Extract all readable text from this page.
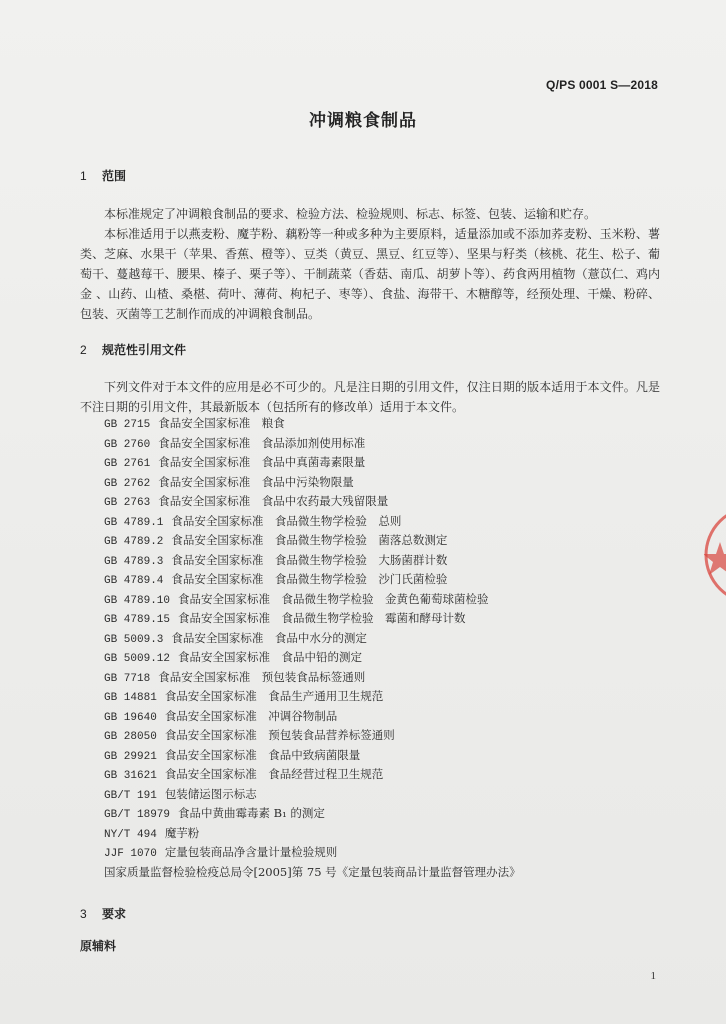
Q/PS 0001 S—2018
冲调粮食制品
1 范围
本标准规定了冲调粮食制品的要求、检验方法、检验规则、标志、标签、包装、运输和贮存。
本标准适用于以燕麦粉、魔芋粉、藕粉等一种或多种为主要原料，适量添加或不添加荞麦粉、玉米粉、薯类、芝麻、水果干（苹果、香蕉、橙等）、豆类（黄豆、黑豆、红豆等）、坚果与籽类（核桃、花生、松子、葡萄干、蔓越莓干、腰果、榛子、栗子等）、干制蔬菜（香菇、南瓜、胡萝卜等）、药食两用植物（薏苡仁、鸡内金 、山药、山楂、桑椹、荷叶、薄荷、枸杞子、枣等）、食盐、海带干、木糖醇等，经预处理、干燥、粉碎、包装、灭菌等工艺制作而成的冲调粮食制品。
2 规范性引用文件
下列文件对于本文件的应用是必不可少的。凡是注日期的引用文件，仅注日期的版本适用于本文件。凡是不注日期的引用文件，其最新版本（包括所有的修改单）适用于本文件。
GB 2715 食品安全国家标准　粮食
GB 2760 食品安全国家标准　食品添加剂使用标准
GB 2761 食品安全国家标准　食品中真菌毒素限量
GB 2762 食品安全国家标准　食品中污染物限量
GB 2763 食品安全国家标准　食品中农药最大残留限量
GB 4789.1 食品安全国家标准　食品微生物学检验　总则
GB 4789.2 食品安全国家标准　食品微生物学检验　菌落总数测定
GB 4789.3 食品安全国家标准　食品微生物学检验　大肠菌群计数
GB 4789.4 食品安全国家标准　食品微生物学检验　沙门氏菌检验
GB 4789.10 食品安全国家标准　食品微生物学检验　金黄色葡萄球菌检验
GB 4789.15 食品安全国家标准　食品微生物学检验　霉菌和酵母计数
GB 5009.3 食品安全国家标准　食品中水分的测定
GB 5009.12 食品安全国家标准　食品中铅的测定
GB 7718 食品安全国家标准　预包装食品标签通则
GB 14881 食品安全国家标准　食品生产通用卫生规范
GB 19640 食品安全国家标准　冲调谷物制品
GB 28050 食品安全国家标准　预包装食品营养标签通则
GB 29921 食品安全国家标准　食品中致病菌限量
GB 31621 食品安全国家标准　食品经营过程卫生规范
GB/T 191 包装储运图示标志
GB/T 18979 食品中黄曲霉毒素 B₁ 的测定
NY/T 494 魔芋粉
JJF 1070 定量包装商品净含量计量检验规则
国家质量监督检验检疫总局令[2005]第 75 号《定量包装商品计量监督管理办法》
3 要求
原辅料
1
